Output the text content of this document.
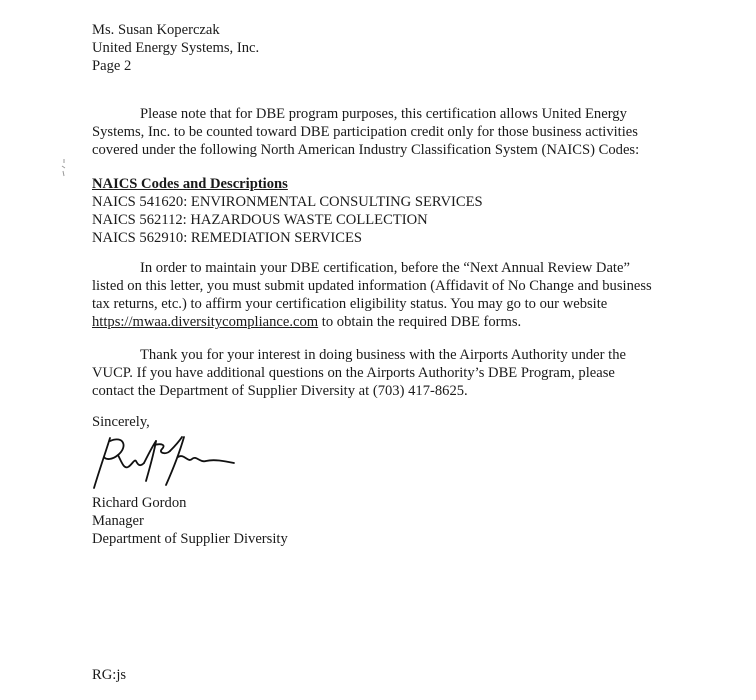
Ms. Susan Koperczak
United Energy Systems, Inc.
Page 2
Please note that for DBE program purposes, this certification allows United Energy
Systems, Inc. to be counted toward DBE participation credit only for those business activities
covered under the following North American Industry Classification System (NAICS) Codes:
NAICS Codes and Descriptions
NAICS 541620: ENVIRONMENTAL CONSULTING SERVICES
NAICS 562112: HAZARDOUS WASTE COLLECTION
NAICS 562910: REMEDIATION SERVICES
In order to maintain your DBE certification, before the “Next Annual Review Date”
listed on this letter, you must submit updated information (Affidavit of No Change and business
tax returns, etc.) to affirm your certification eligibility status. You may go to our website
https://mwaa.diversitycompliance.com to obtain the required DBE forms.
Thank you for your interest in doing business with the Airports Authority under the
VUCP. If you have additional questions on the Airports Authority’s DBE Program, please
contact the Department of Supplier Diversity at (703) 417-8625.
Sincerely,
Richard Gordon
Manager
Department of Supplier Diversity
RG:js
